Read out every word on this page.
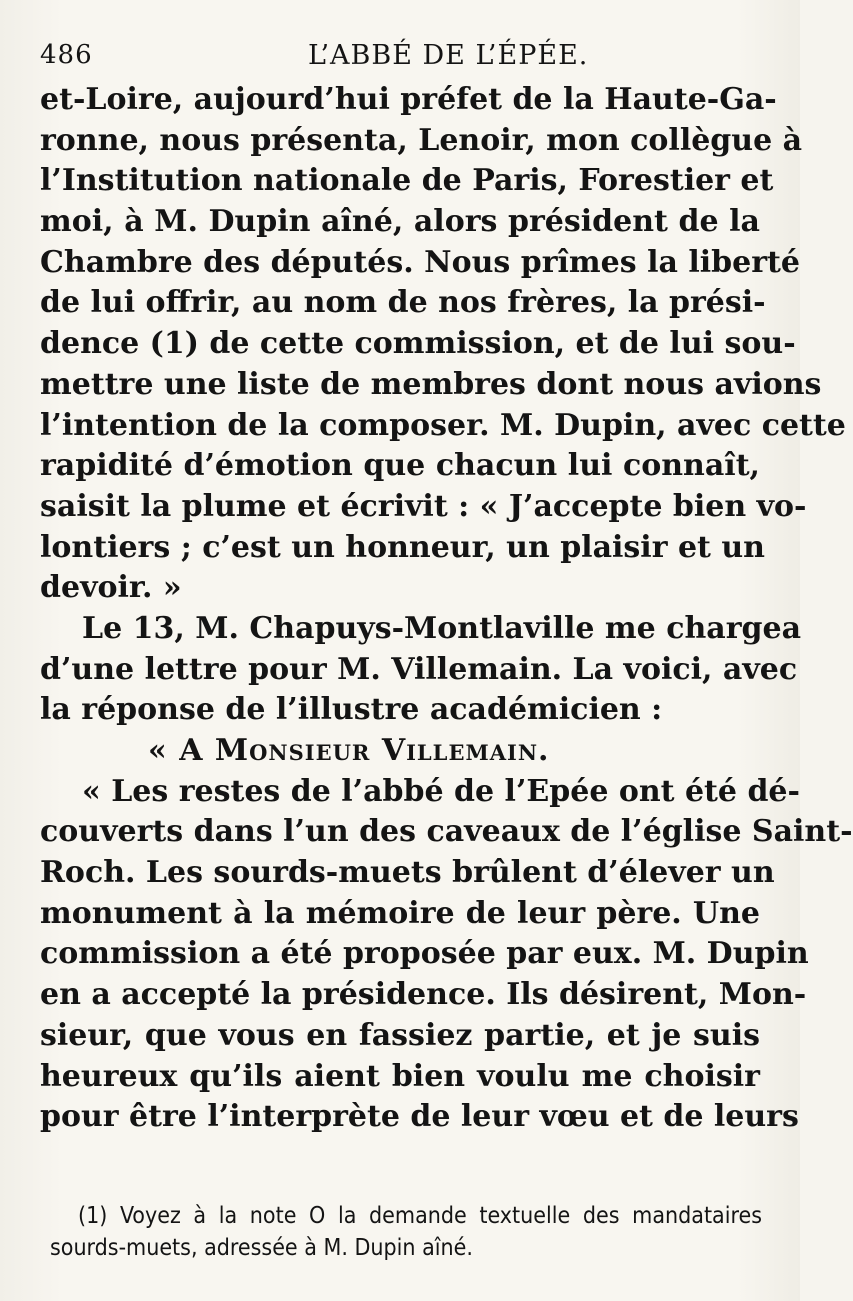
486	L’ABBÉ DE L’ÉPÉE.
et-Loire, aujourd’hui préfet de la Haute-Ga-
ronne, nous présenta, Lenoir, mon collègue à
l’Institution nationale de Paris, Forestier et
moi, à M. Dupin aîné, alors président de la
Chambre des députés. Nous prîmes la liberté
de lui offrir, au nom de nos frères, la prési-
dence (1) de cette commission, et de lui sou-
mettre une liste de membres dont nous avions
l’intention de la composer. M. Dupin, avec cette
rapidité d’émotion que chacun lui connaît,
saisit la plume et écrivit : « J’accepte bien vo-
lontiers ; c’est un honneur, un plaisir et un
devoir. »
Le 13, M. Chapuys-Montlaville me chargea
d’une lettre pour M. Villemain. La voici, avec
la réponse de l’illustre académicien :
« A Monsieur Villemain.
« Les restes de l’abbé de l’Epée ont été dé-
couverts dans l’un des caveaux de l’église Saint-
Roch. Les sourds-muets brûlent d’élever un
monument à la mémoire de leur père. Une
commission a été proposée par eux. M. Dupin
en a accepté la présidence. Ils désirent, Mon-
sieur, que vous en fassiez partie, et je suis
heureux qu’ils aient bien voulu me choisir
pour être l’interprète de leur vœu et de leurs
(1) Voyez à la note O la demande textuelle des mandataires
sourds-muets, adressée à M. Dupin aîné.
